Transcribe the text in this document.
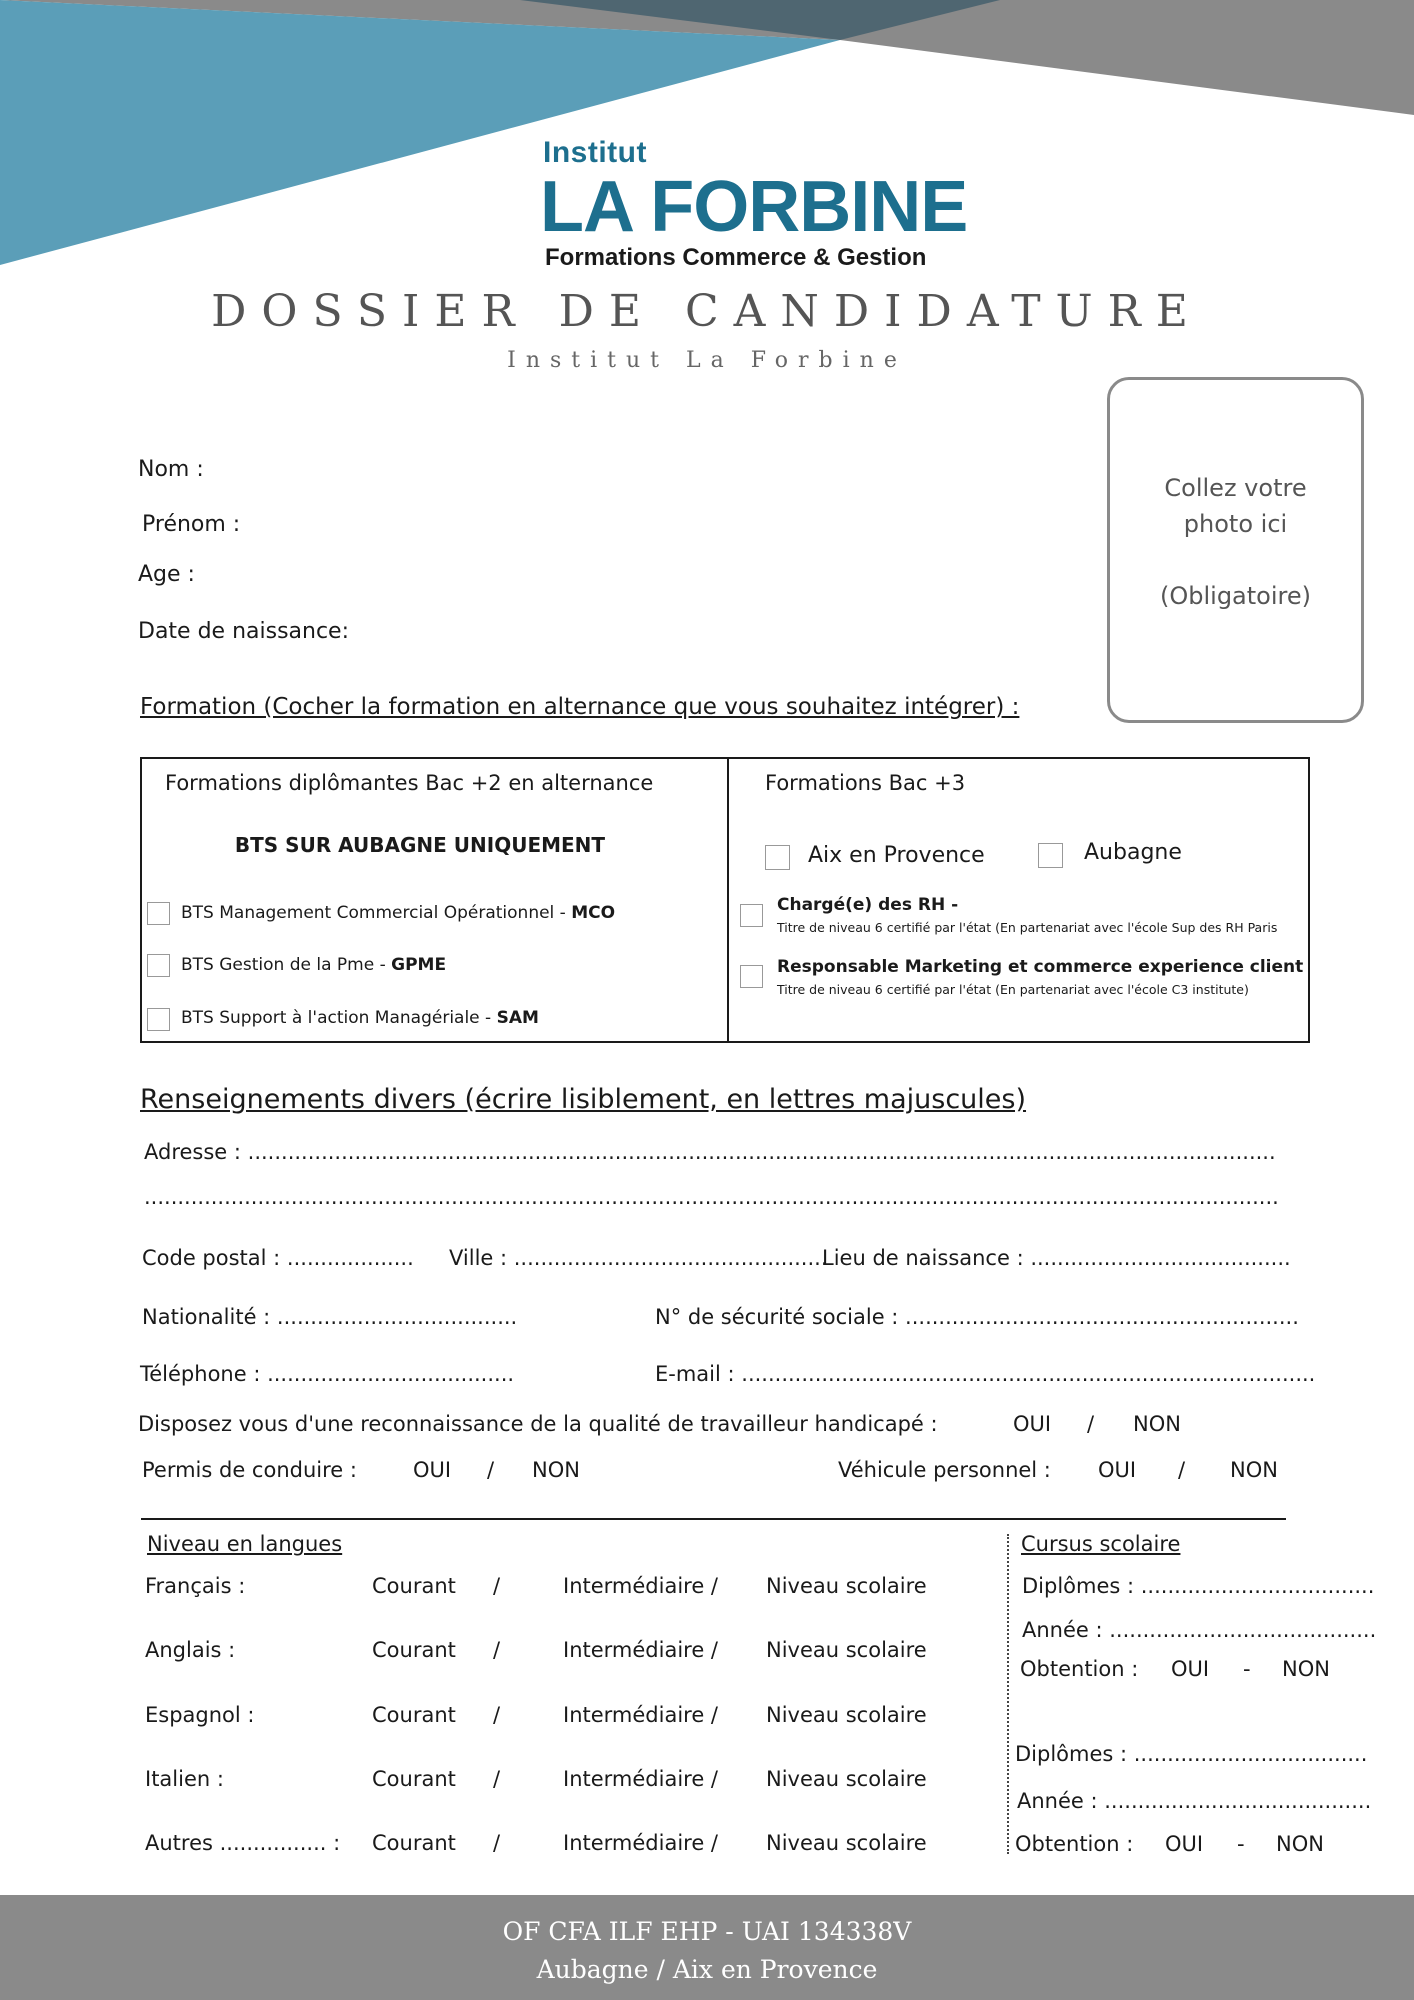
Institut
LA FORBINE
Formations Commerce & Gestion
DOSSIER DE CANDIDATURE
Institut La Forbine
Collez votre
photo ici
(Obligatoire)
Nom :
Prénom :
Age :
Date de naissance:
Formation (Cocher la formation en alternance que vous souhaitez intégrer) :
Formations diplômantes Bac +2 en alternance
BTS SUR AUBAGNE UNIQUEMENT
BTS Management Commercial Opérationnel - MCO
BTS Gestion de la Pme - GPME
BTS Support à l'action Managériale - SAM
Formations Bac +3
Aix en Provence	Aubagne
Chargé(e) des RH -
Titre de niveau 6 certifié par l'état (En partenariat avec l'école Sup des RH Paris
Responsable Marketing et commerce experience client
Titre de niveau 6 certifié par l'état (En partenariat avec l'école C3 institute)
Renseignements divers (écrire lisiblement, en lettres majuscules)
Adresse : ..........................................................................................................................................................
..........................................................................................................................................................................
Code postal : ................... Ville : ...............................................
Lieu de naissance : .......................................
Nationalité : ....................................	N° de sécurité sociale : ...........................................................
Téléphone : .....................................	E-mail : ......................................................................................
Disposez vous d'une reconnaissance de la qualité de travailleur handicapé :	OUI / NON
Permis de conduire :	OUI / NON	Véhicule personnel : OUI / NON
Niveau en langues
Français :	Courant /	Intermédiaire / Niveau scolaire
Anglais :	Courant /	Intermédiaire / Niveau scolaire
Espagnol :	Courant /	Intermédiaire / Niveau scolaire
Italien :	Courant /	Intermédiaire / Niveau scolaire
Autres ................ : Courant /	Intermédiaire / Niveau scolaire
Cursus scolaire
Diplômes : ...................................
Année : ........................................
Obtention : OUI - NON
Diplômes : ...................................
Année : ........................................
Obtention : OUI - NON
OF CFA ILF EHP - UAI 134338V
Aubagne / Aix en Provence
